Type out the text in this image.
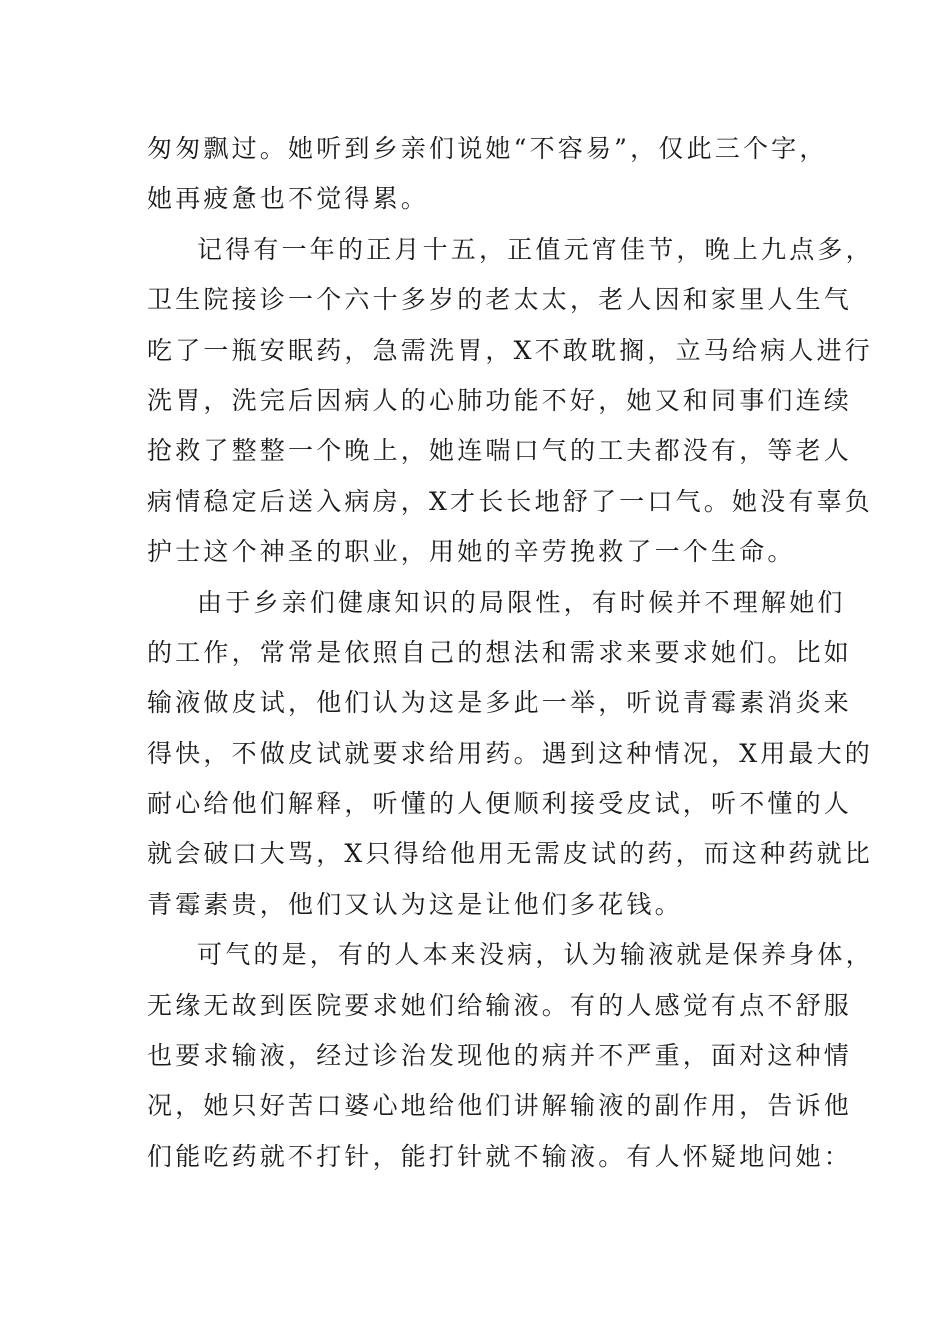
匆匆飘过。她听到乡亲们说她“不容易”，仅此三个字，
她再疲惫也不觉得累。
记得有一年的正月十五，正值元宵佳节，晚上九点多，
卫生院接诊一个六十多岁的老太太，老人因和家里人生气
吃了一瓶安眠药，急需洗胃，X不敢耽搁，立马给病人进行
洗胃，洗完后因病人的心肺功能不好，她又和同事们连续
抢救了整整一个晚上，她连喘口气的工夫都没有，等老人
病情稳定后送入病房，X才长长地舒了一口气。她没有辜负
护士这个神圣的职业，用她的辛劳挽救了一个生命。
由于乡亲们健康知识的局限性，有时候并不理解她们
的工作，常常是依照自己的想法和需求来要求她们。比如
输液做皮试，他们认为这是多此一举，听说青霉素消炎来
得快，不做皮试就要求给用药。遇到这种情况，X用最大的
耐心给他们解释，听懂的人便顺利接受皮试，听不懂的人
就会破口大骂，X只得给他用无需皮试的药，而这种药就比
青霉素贵，他们又认为这是让他们多花钱。
可气的是，有的人本来没病，认为输液就是保养身体，
无缘无故到医院要求她们给输液。有的人感觉有点不舒服
也要求输液，经过诊治发现他的病并不严重，面对这种情
况，她只好苦口婆心地给他们讲解输液的副作用，告诉他
们能吃药就不打针，能打针就不输液。有人怀疑地问她：
